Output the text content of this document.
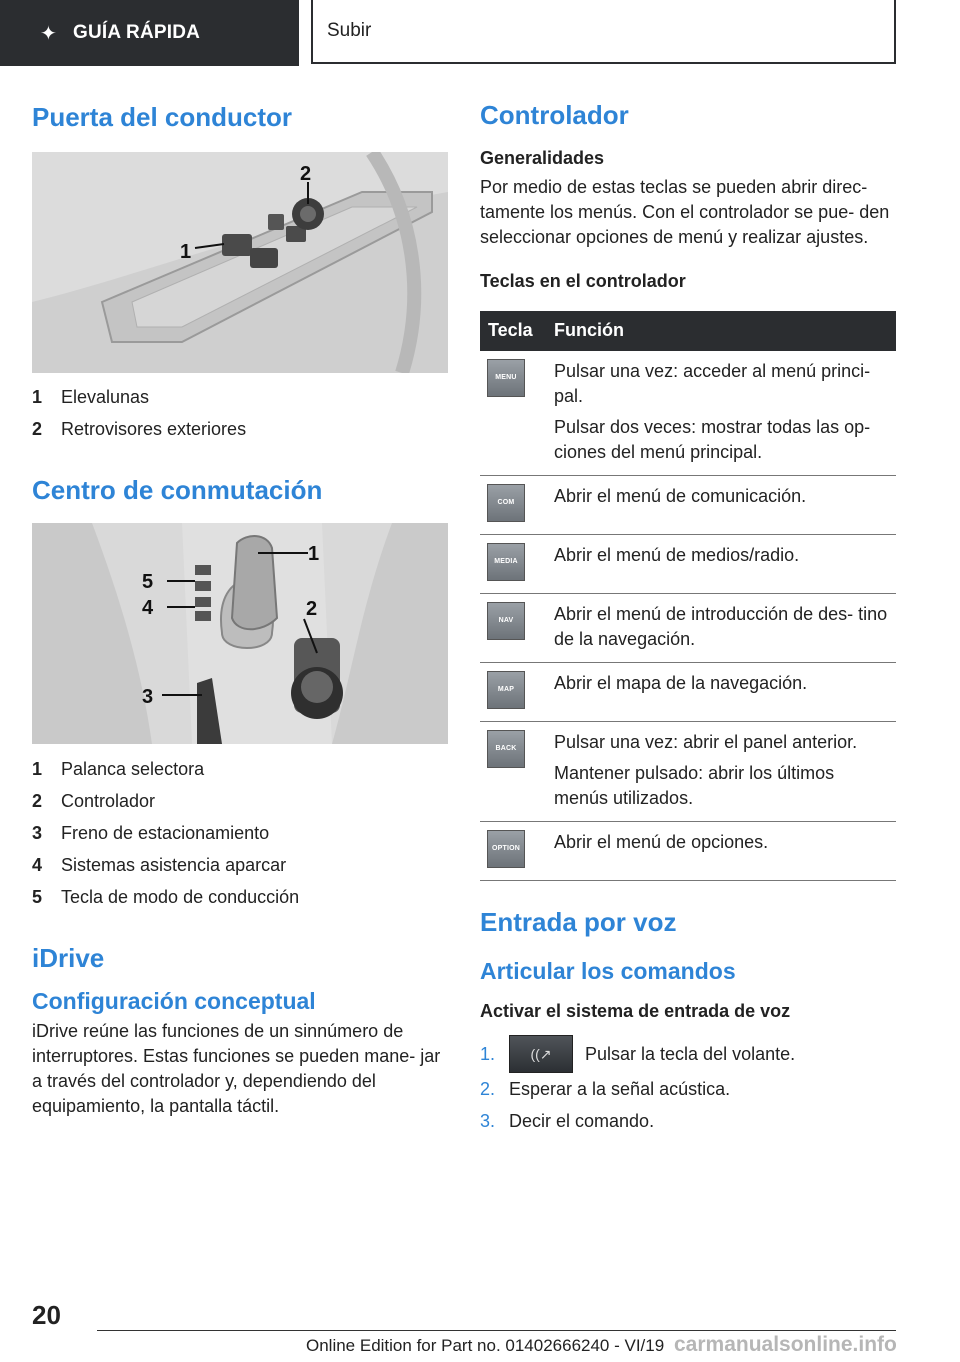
✦ GUÍA RÁPIDA	Subir
Puerta del conductor
1
2
1	Elevalunas
2	Retrovisores exteriores
Centro de conmutación
1
2
3
4
5
1	Palanca selectora
2	Controlador
3	Freno de estacionamiento
4	Sistemas asistencia aparcar
5	Tecla de modo de conducción
iDrive
Configuración conceptual

iDrive reúne las funciones de un sinnúmero de interruptores. Estas funciones se pueden mane- jar a través del controlador y, dependiendo del equipamiento, la pantalla táctil.

Controlador
Generalidades

Por medio de estas teclas se pueden abrir direc- tamente los menús. Con el controlador se pue- den seleccionar opciones de menú y realizar ajustes.

Teclas en el controlador
Tecla	Función

MENU	Pulsar una vez: acceder al menú princi- pal.

Pulsar dos veces: mostrar todas las op- ciones del menú principal.

COM	Abrir el menú de comunicación.

MEDIA	Abrir el menú de medios/radio.

NAV	Abrir el menú de introducción de des- tino de la navegación.

MAP	Abrir el mapa de la navegación.

BACK	Pulsar una vez: abrir el panel anterior.

Mantener pulsado: abrir los últimos menús utilizados.

OPTION	Abrir el menú de opciones.

Entrada por voz
Articular los comandos
Activar el sistema de entrada de voz
1.	((↗	Pulsar la tecla del volante.
2. Esperar a la señal acústica.
3. Decir el comando.
20
Online Edition for Part no. 01402666240 - VI/19 carmanualsonline.info
